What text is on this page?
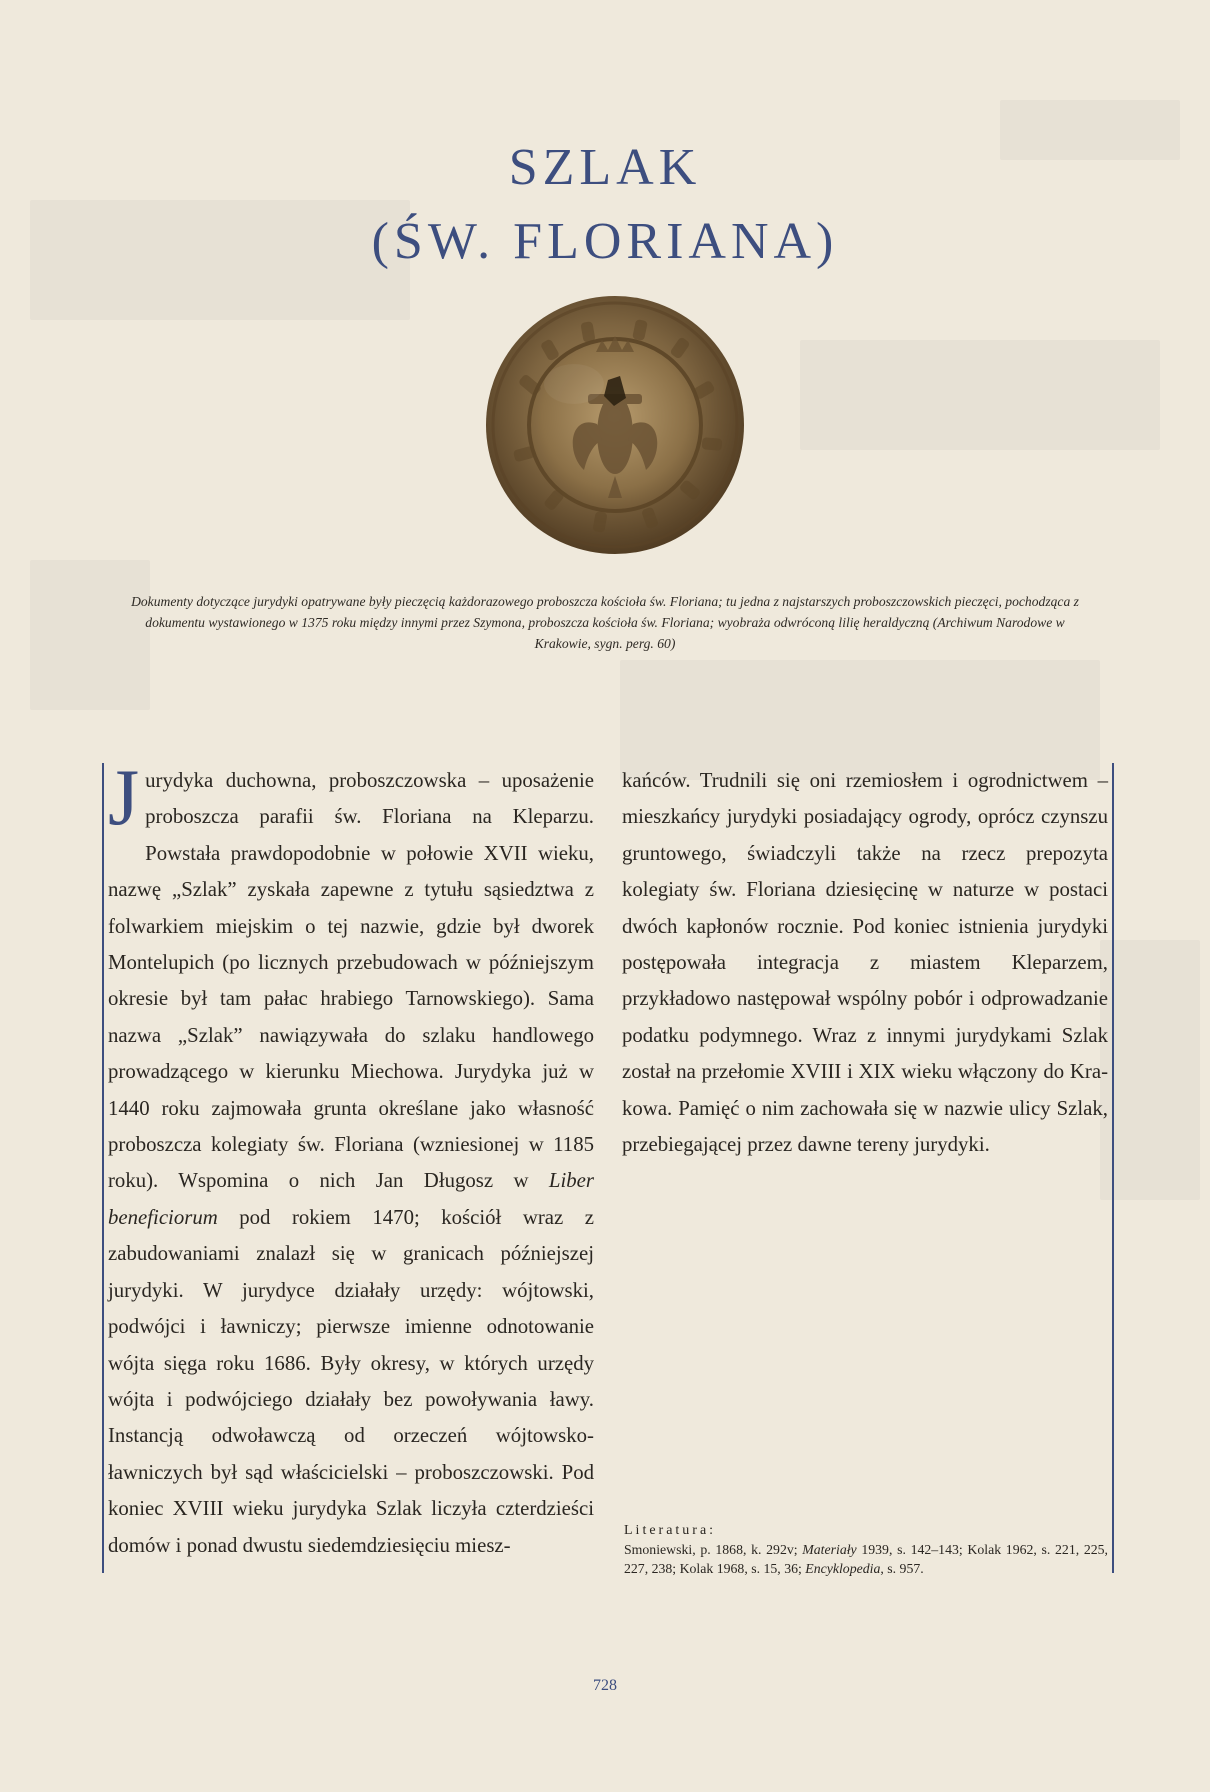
SZLAK
(ŚW. FLORIANA)
Dokumenty dotyczące jurydyki opatrywane były pieczęcią każdorazowego proboszcza kościoła św. Floriana; tu jedna z najstarszych proboszczowskich pieczęci, pochodząca z dokumentu wystawionego w 1375 roku między innymi przez Szymona, proboszcza kościoła św. Floriana; wyobraża odwróconą lilię heraldyczną (Archiwum Narodowe w Krakowie, sygn. perg. 60)

Jurydyka duchowna, proboszczowska – uposażenie proboszcza parafii św. Floriana na Kleparzu. Powstała prawdopodobnie w połowie XVII wieku, nazwę „Szlak” zyskała zapewne z tytułu sąsiedztwa z folwarkiem miejskim o tej nazwie, gdzie był dworek Montelupich (po licznych przebudowach w późniejszym okresie był tam pałac hrabiego Tarnowskiego). Sama nazwa „Szlak” nawiązywała do szlaku handlowego prowadzącego w kierunku Miechowa. Jurydyka już w 1440 roku zajmowała grunta określane jako własność proboszcza kolegiaty św. Floriana (wzniesionej w 1185 roku). Wspomina o nich Jan Długosz w Liber beneficiorum pod rokiem 1470; kościół wraz z zabudowaniami znalazł się w granicach późniejszej jurydyki. W jurydyce działały urzędy: wójtowski, podwójci i ławniczy; pierwsze imienne odnotowanie wójta sięga roku 1686. Były okresy, w których urzędy wójta i podwójciego działały bez powoływania ławy. Instancją odwoławczą od orzeczeń wójtowsko-ławniczych był sąd właścicielski – proboszczowski. Pod koniec XVIII wieku jurydyka Szlak liczyła czterdzieści domów i ponad dwustu siedemdziesięciu miesz-

kańców. Trudnili się oni rzemiosłem i ogrodnictwem – mieszkańcy jurydyki posiadający ogrody, oprócz czynszu gruntowego, świadczyli także na rzecz prepozyta kolegiaty św. Floriana dziesięcinę w naturze w postaci dwóch kapłonów rocznie. Pod koniec istnienia jurydyki postępowała integracja z miastem Kleparzem, przykładowo następował wspólny pobór i odprowadzanie podatku podymnego. Wraz z innymi jurydykami Szlak został na przełomie XVIII i XIX wieku włączony do Krakowa. Pamięć o nim zachowała się w nazwie ulicy Szlak, przebiegającej przez dawne tereny jurydyki.

Literatura:
Smoniewski, p. 1868, k. 292v; Materiały 1939, s. 142–143; Kolak 1962, s. 221, 225, 227, 238; Kolak 1968, s. 15, 36; Encyklopedia, s. 957.
728
